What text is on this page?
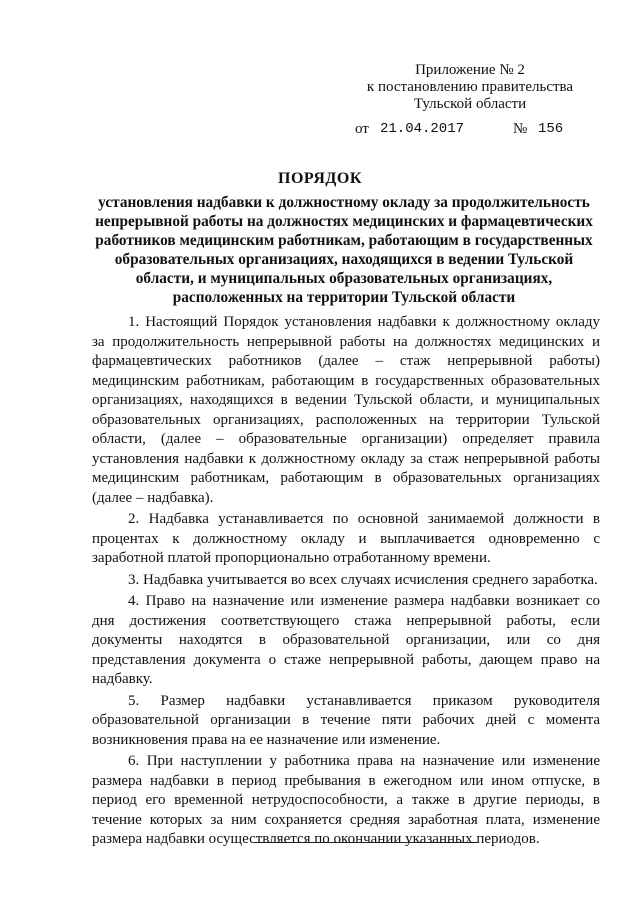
Приложение № 2
к постановлению правительства
Тульской области
от 21.04.2017	№ 156
ПОРЯДОК
установления надбавки к должностному окладу за продолжительность непрерывной работы на должностях медицинских и фармацевтических работников медицинским работникам, работающим в государственных образовательных организациях, находящихся в ведении Тульской области, и муниципальных образовательных организациях, расположенных на территории Тульской области

1. Настоящий Порядок установления надбавки к должностному окладу за продолжительность непрерывной работы на должностях медицинских и фармацевтических работников (далее – стаж непрерывной работы) медицинским работникам, работающим в государственных образовательных организациях, находящихся в ведении Тульской области, и муниципальных образовательных организациях, расположенных на территории Тульской области, (далее – образовательные организации) определяет правила установления надбавки к должностному окладу за стаж непрерывной работы медицинским работникам, работающим в образовательных организациях (далее – надбавка).

2. Надбавка устанавливается по основной занимаемой должности в процентах к должностному окладу и выплачивается одновременно с заработной платой пропорционально отработанному времени.

3. Надбавка учитывается во всех случаях исчисления среднего заработка.

4. Право на назначение или изменение размера надбавки возникает со дня достижения соответствующего стажа непрерывной работы, если документы находятся в образовательной организации, или со дня представления документа о стаже непрерывной работы, дающем право на надбавку.

5. Размер надбавки устанавливается приказом руководителя образовательной организации в течение пяти рабочих дней с момента возникновения права на ее назначение или изменение.

6. При наступлении у работника права на назначение или изменение размера надбавки в период пребывания в ежегодном или ином отпуске, в период его временной нетрудоспособности, а также в другие периоды, в течение которых за ним сохраняется средняя заработная плата, изменение размера надбавки осуществляется по окончании указанных периодов.
